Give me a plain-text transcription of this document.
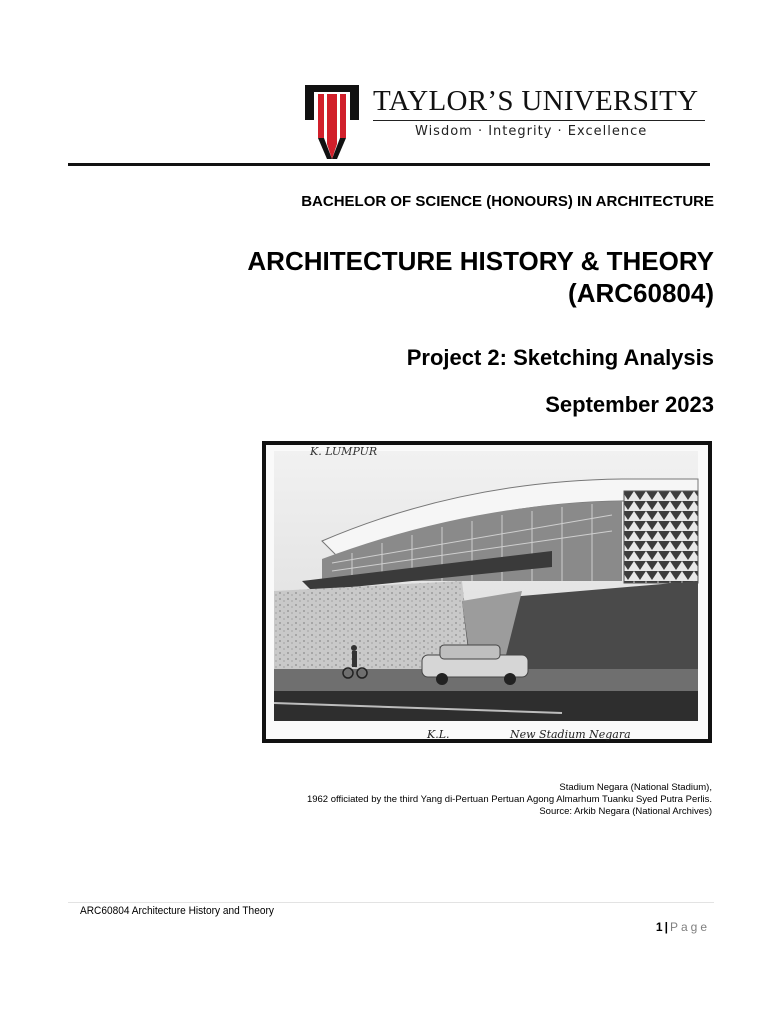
TAYLOR’S UNIVERSITY
Wisdom · Integrity · Excellence
BACHELOR OF SCIENCE (HONOURS) IN ARCHITECTURE
ARCHITECTURE HISTORY & THEORY
(ARC60804)
Project 2: Sketching Analysis
September 2023
K. LUMPUR
K.L.	New Stadium Negara
Stadium Negara (National Stadium),
1962 officiated by the third Yang di-Pertuan Pertuan Agong Almarhum Tuanku Syed Putra Perlis.
Source: Arkib Negara (National Archives)
ARC60804 Architecture History and Theory
1 | Page
